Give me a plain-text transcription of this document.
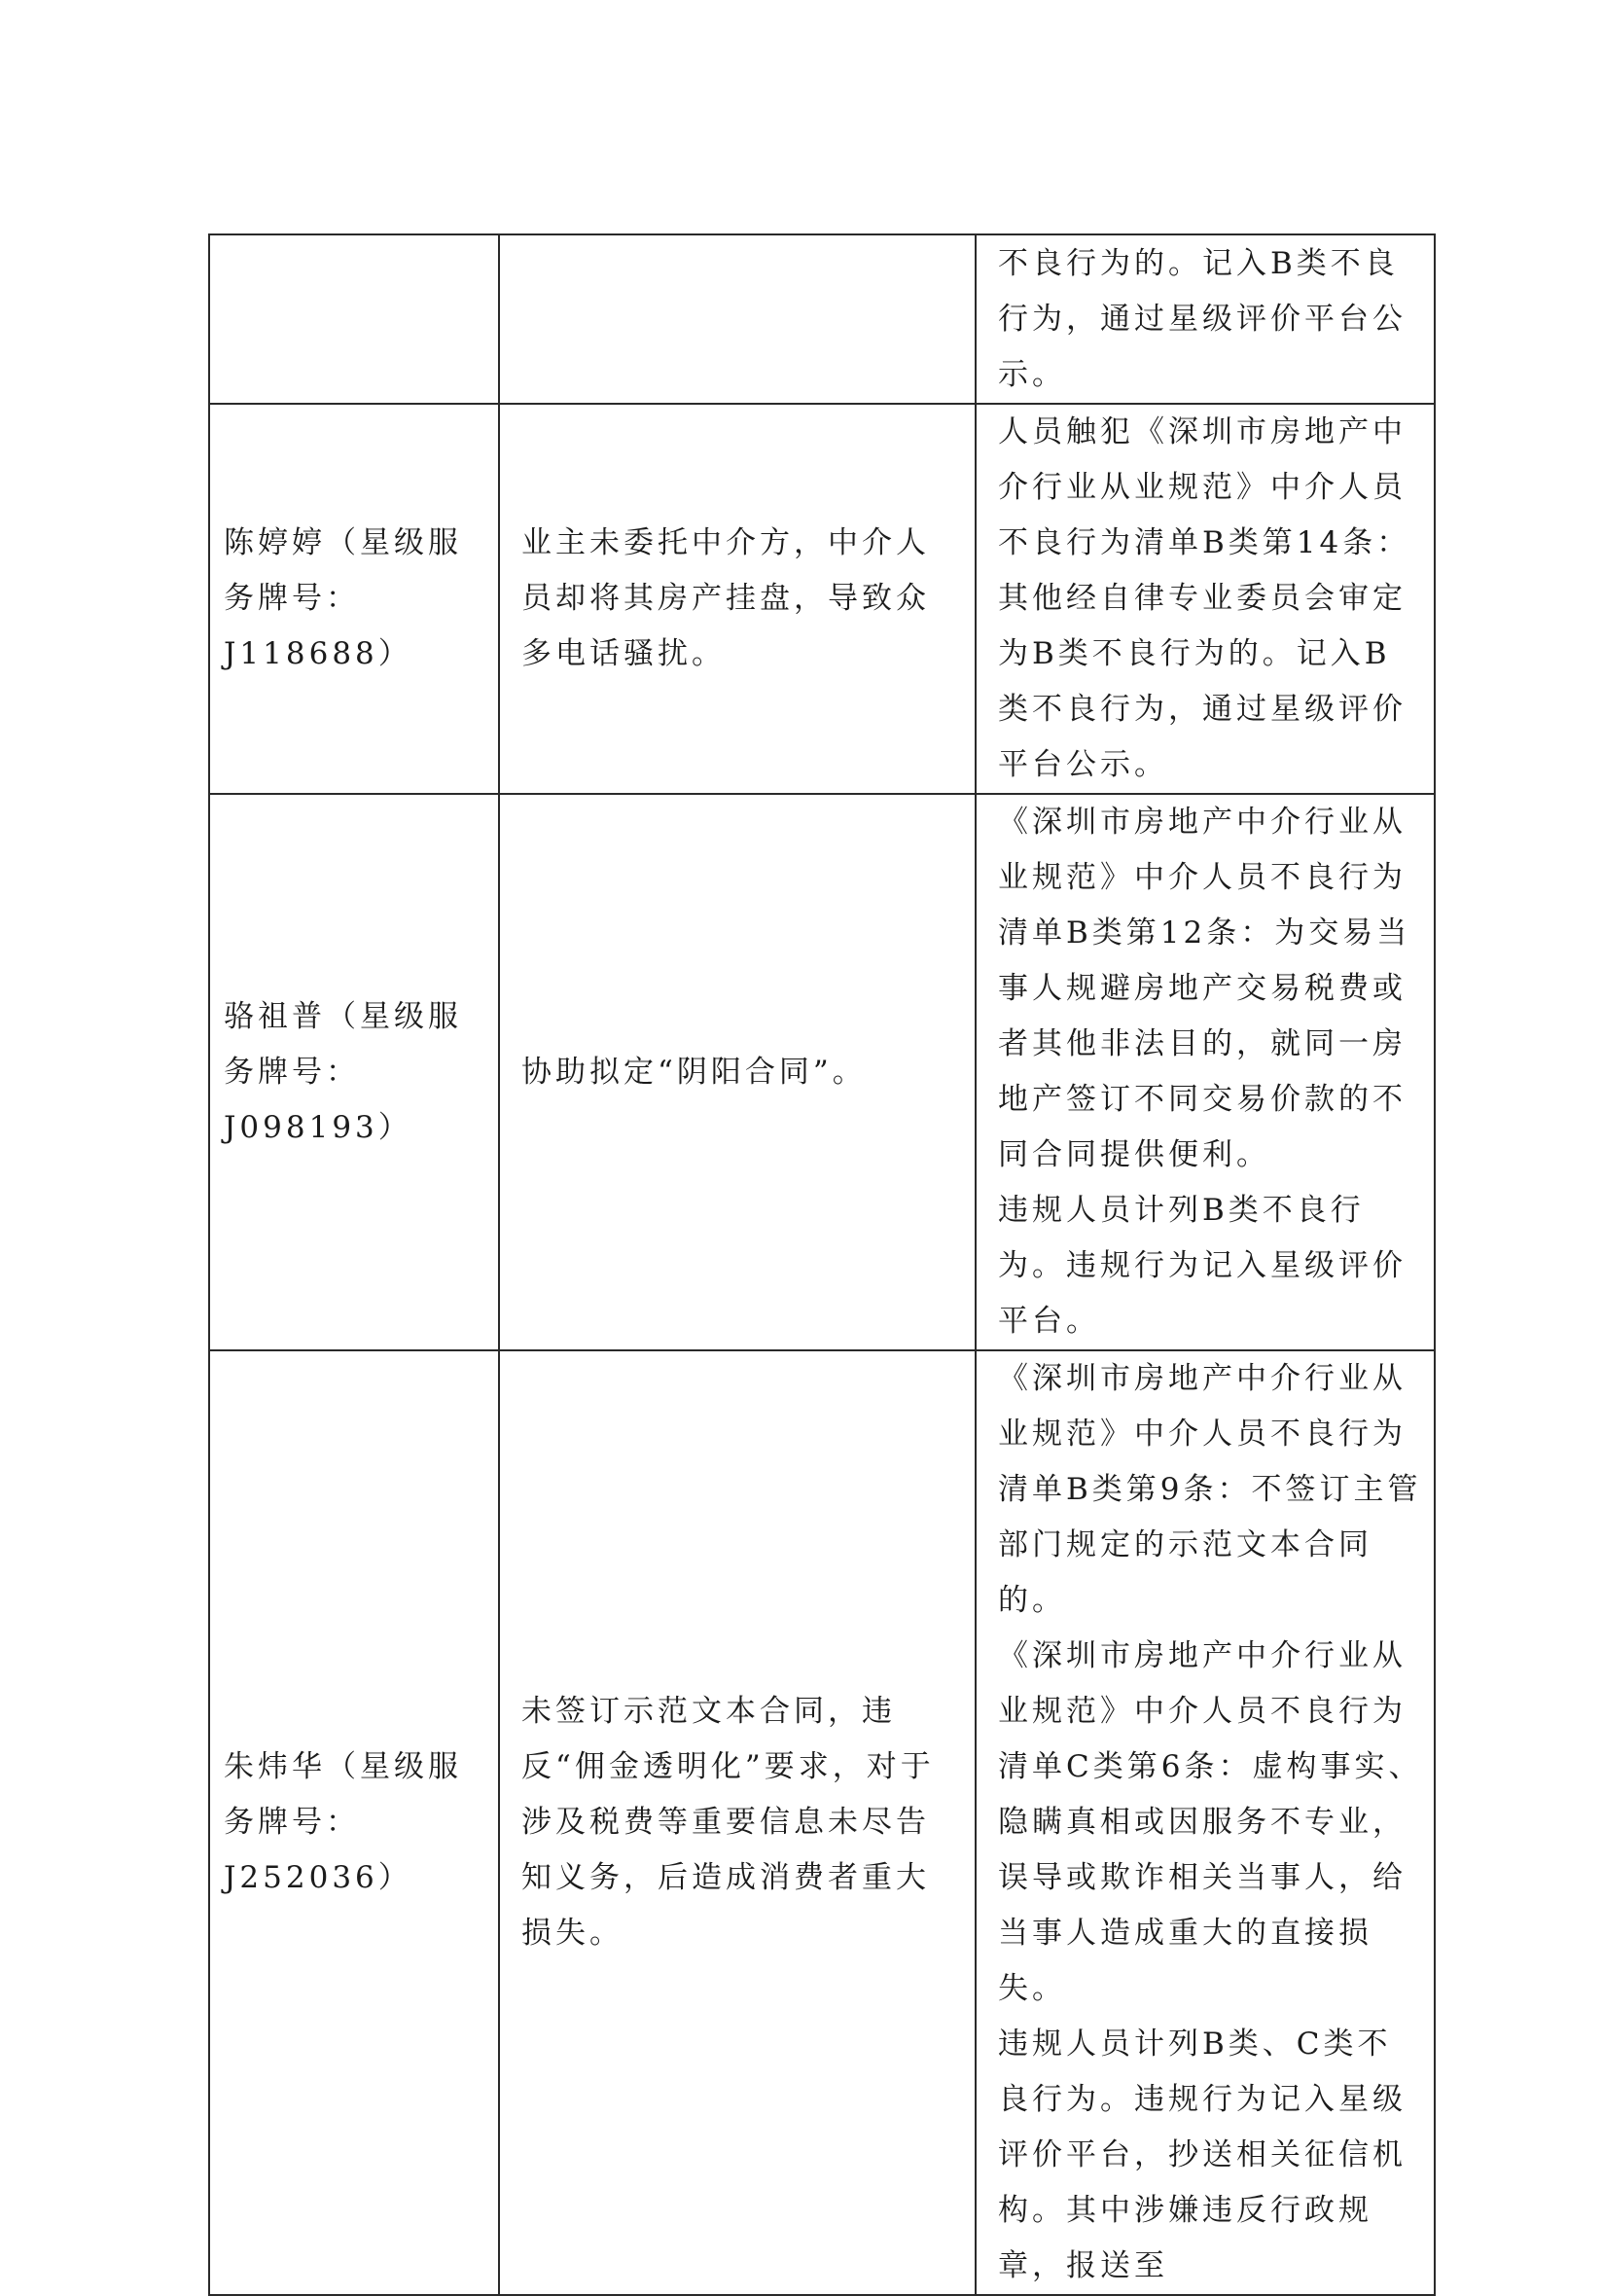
		不良行为的。记入B类不良行为，通过星级评价平台公示。

陈婷婷（星级服务牌号： J118688）	业主未委托中介方，中介人员却将其房产挂盘，导致众多电话骚扰。	人员触犯《深圳市房地产中介行业从业规范》中介人员不良行为清单B类第14条：其他经自律专业委员会审定为B类不良行为的。记入B类不良行为，通过星级评价平台公示。

骆祖普（星级服务牌号：J098193）	协助拟定“阴阳合同”。	《深圳市房地产中介行业从业规范》中介人员不良行为清单B类第12条：为交易当事人规避房地产交易税费或者其他非法目的，就同一房地产签订不同交易价款的不同合同提供便利。
违规人员计列B类不良行为。违规行为记入星级评价平台。

朱炜华（星级服务牌号：J252036）	未签订示范文本合同，违反“佣金透明化”要求，对于涉及税费等重要信息未尽告知义务，后造成消费者重大损失。	《深圳市房地产中介行业从业规范》中介人员不良行为清单B类第9条：不签订主管部门规定的示范文本合同的。
《深圳市房地产中介行业从业规范》中介人员不良行为清单C类第6条：虚构事实、隐瞒真相或因服务不专业，误导或欺诈相关当事人，给当事人造成重大的直接损失。
违规人员计列B类、C类不良行为。违规行为记入星级评价平台，抄送相关征信机构。其中涉嫌违反行政规章，报送至
